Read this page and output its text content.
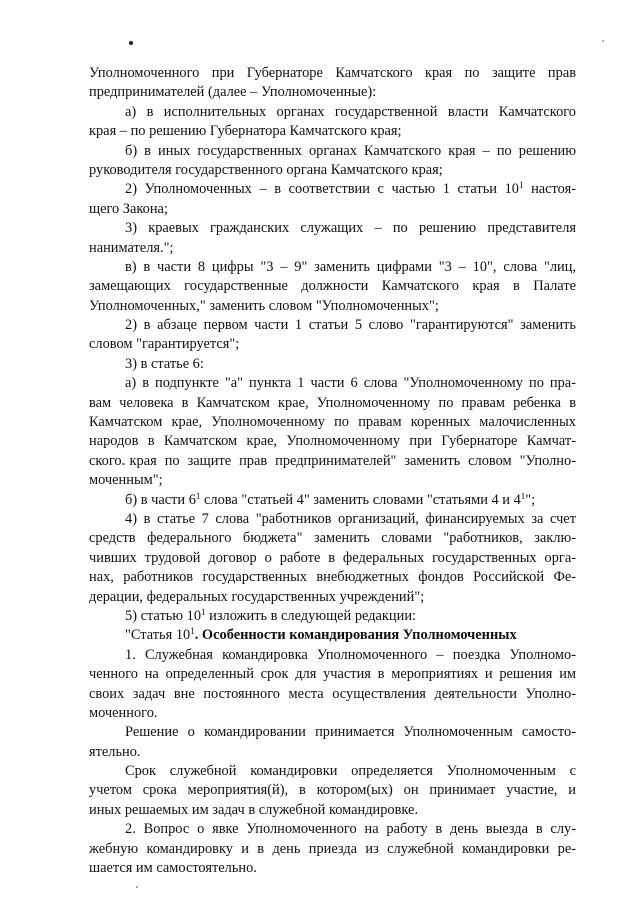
Уполномоченного при Губернаторе Камчатского края по защите прав
предпринимателей (далее – Уполномоченные):
а) в исполнительных органах государственной власти Камчатского
края – по решению Губернатора Камчатского края;
б) в иных государственных органах Камчатского края – по решению
руководителя государственного органа Камчатского края;
2) Уполномоченных – в соответствии с частью 1 статьи $10^1$ настоя-
щего Закона;
3) краевых гражданских служащих – по решению представителя
нанимателя.";
в) в части 8 цифры "3 – 9" заменить цифрами "3 – 10", слова "лиц,
замещающих государственные должности Камчатского края в Палате
Уполномоченных," заменить словом "Уполномоченных";
2) в абзаце первом части 1 статьи 5 слово "гарантируются" заменить
словом "гарантируется";
3) в статье 6:
а) в подпункте "а" пункта 1 части 6 слова "Уполномоченному по пра-
вам человека в Камчатском крае, Уполномоченному по правам ребенка в
Камчатском крае, Уполномоченному по правам коренных малочисленных
народов в Камчатском крае, Уполномоченному при Губернаторе Камчат-
ского края по защите прав предпринимателей" заменить словом "Уполно-
моченным";
б) в части $6^1$ слова "статьей 4" заменить словами "статьями 4 и $4^1$";
4) в статье 7 слова "работников организаций, финансируемых за счет
средств федерального бюджета" заменить словами "работников, заклю-
чивших трудовой договор о работе в федеральных государственных орга-
нах, работников государственных внебюджетных фондов Российской Фе-
дерации, федеральных государственных учреждений";
5) статью $10^1$ изложить в следующей редакции:
"Статья $10^1$. Особенности командирования Уполномоченных
1. Служебная командировка Уполномоченного – поездка Уполномо-
ченного на определенный срок для участия в мероприятиях и решения им
своих задач вне постоянного места осуществления деятельности Уполно-
моченного.
Решение о командировании принимается Уполномоченным самосто-
ятельно.
Срок служебной командировки определяется Уполномоченным с
учетом срока мероприятия(й), в котором(ых) он принимает участие, и
иных решаемых им задач в служебной командировке.
2. Вопрос о явке Уполномоченного на работу в день выезда в слу-
жебную командировку и в день приезда из служебной командировки ре-
шается им самостоятельно.
